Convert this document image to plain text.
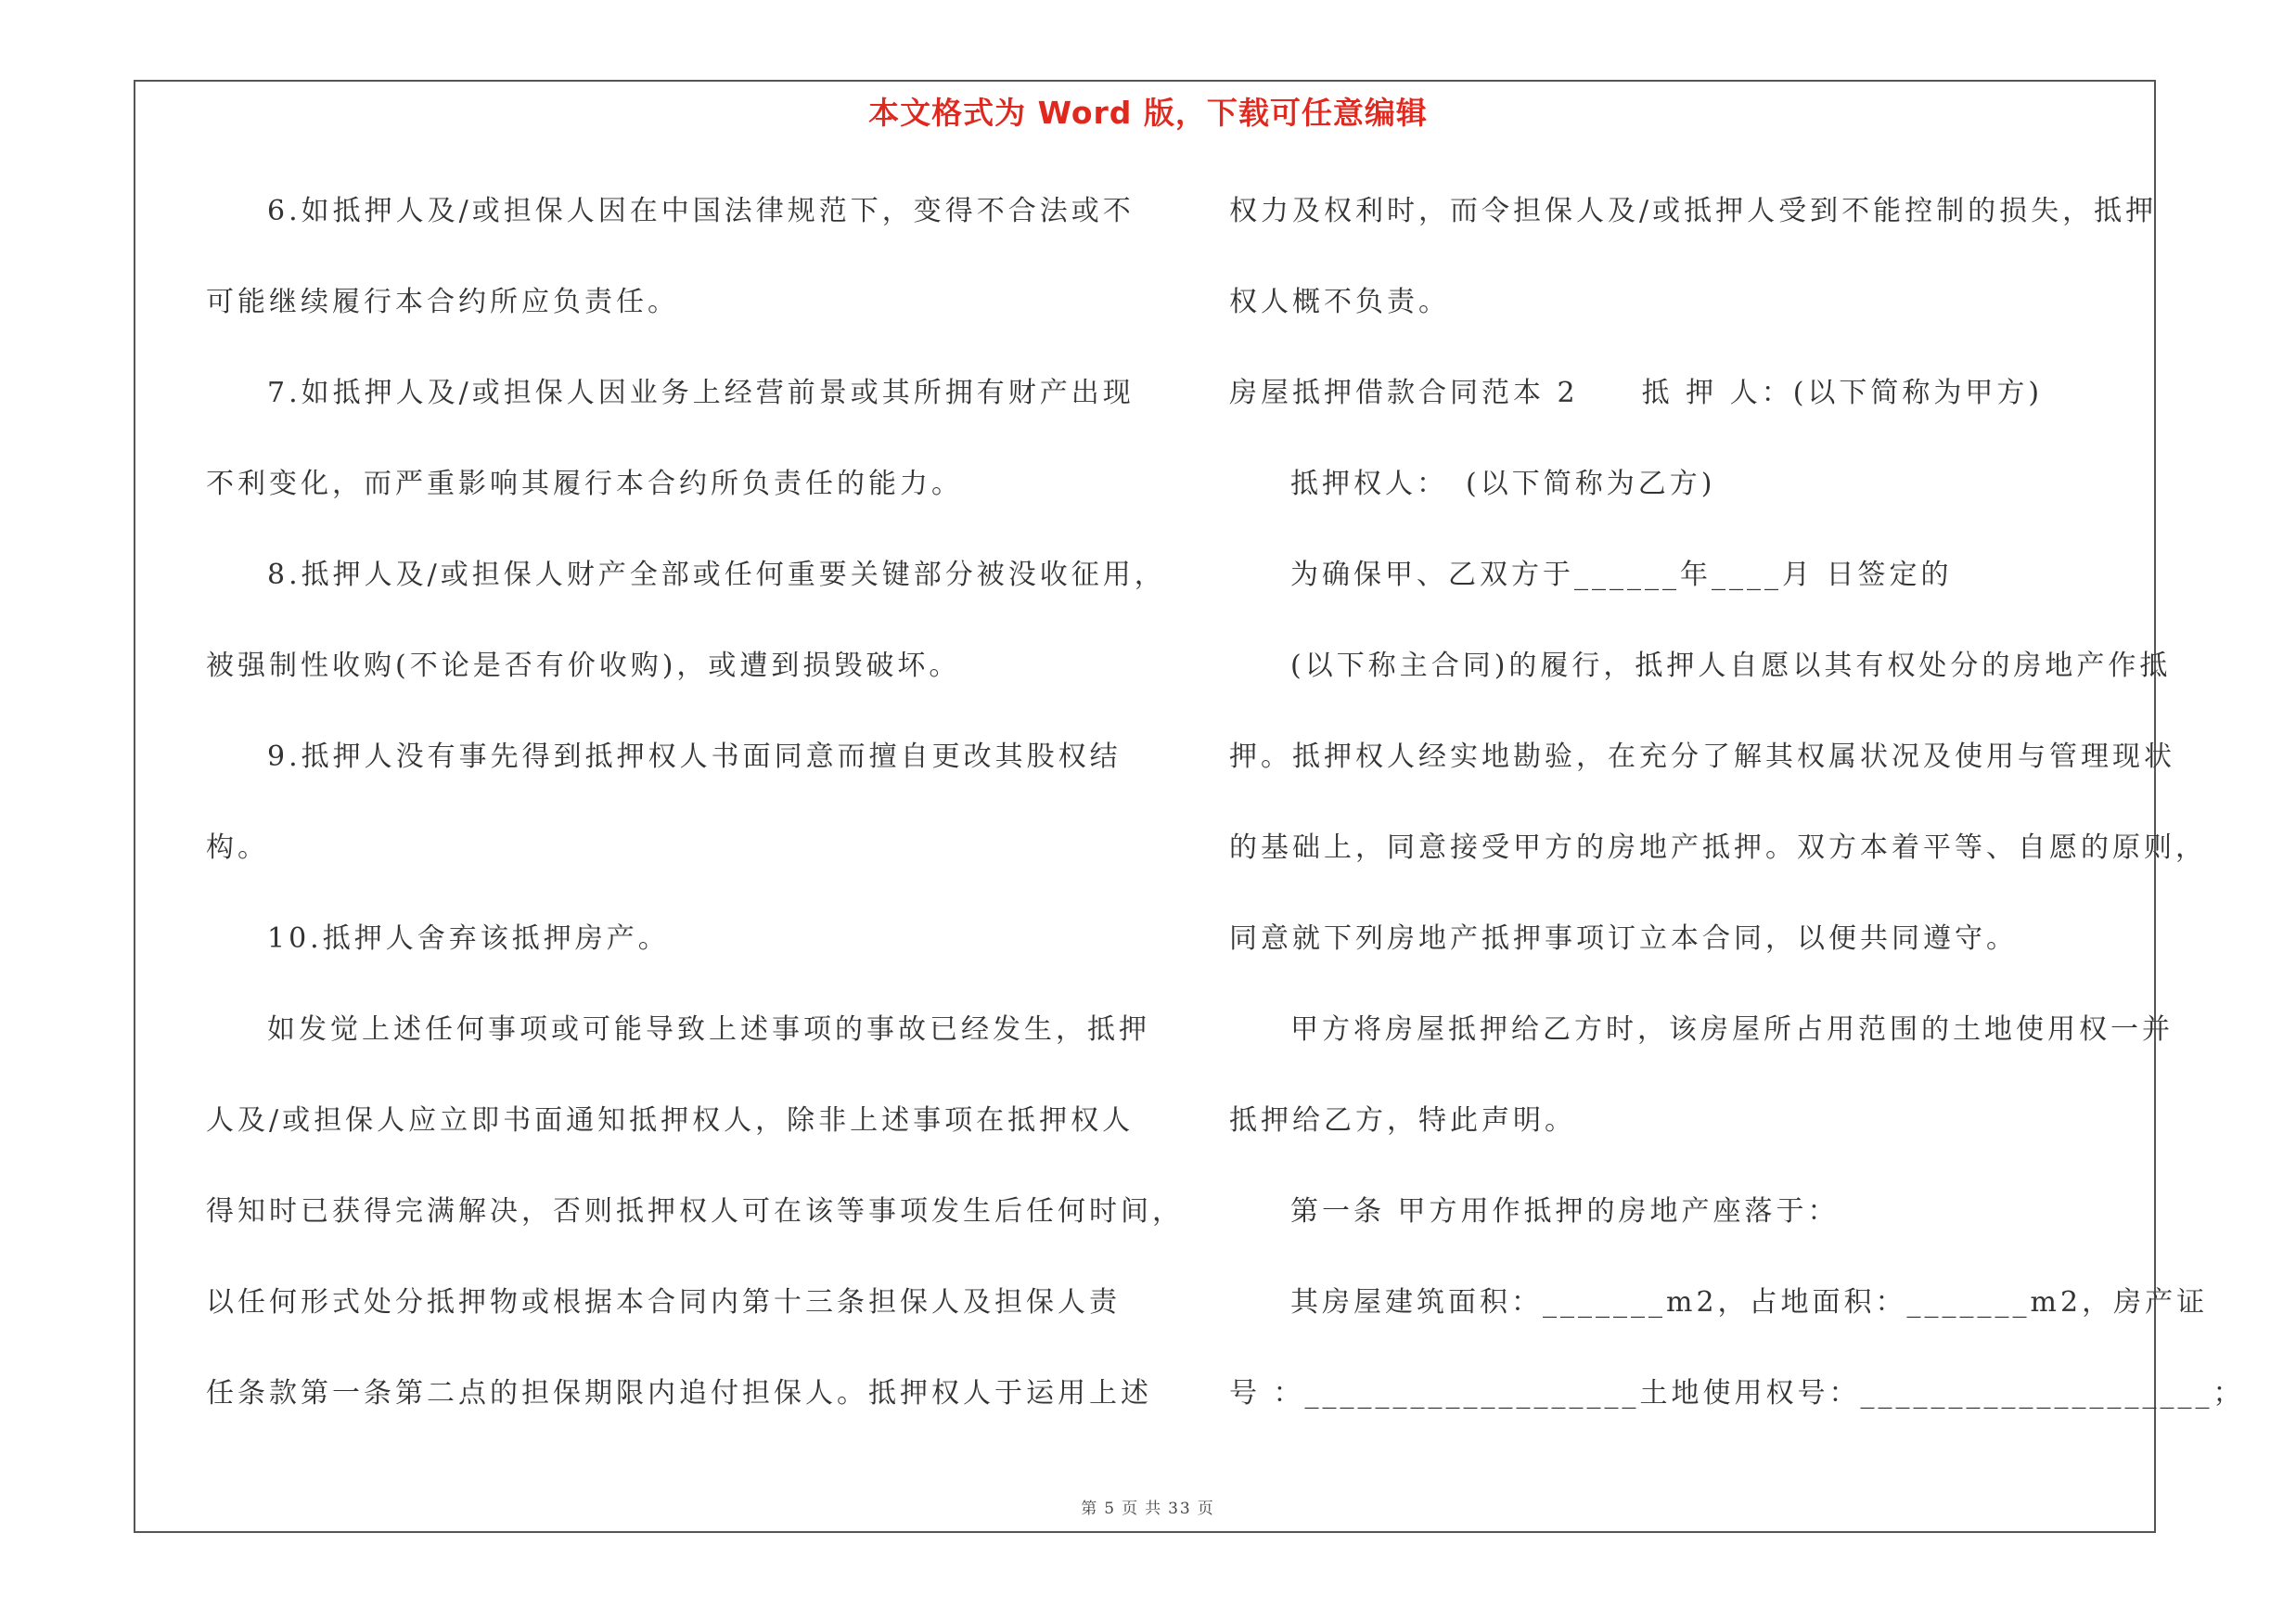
本文格式为 Word 版，下载可任意编辑
6.如抵押人及/或担保人因在中国法律规范下，变得不合法或不
可能继续履行本合约所应负责任。
7.如抵押人及/或担保人因业务上经营前景或其所拥有财产出现
不利变化，而严重影响其履行本合约所负责任的能力。
8.抵押人及/或担保人财产全部或任何重要关键部分被没收征用，
被强制性收购(不论是否有价收购)，或遭到损毁破坏。
9.抵押人没有事先得到抵押权人书面同意而擅自更改其股权结
构。
10.抵押人舍弃该抵押房产。
如发觉上述任何事项或可能导致上述事项的事故已经发生，抵押
人及/或担保人应立即书面通知抵押权人，除非上述事项在抵押权人
得知时已获得完满解决，否则抵押权人可在该等事项发生后任何时间，
以任何形式处分抵押物或根据本合同内第十三条担保人及担保人责
任条款第一条第二点的担保期限内追付担保人。抵押权人于运用上述
权力及权利时，而令担保人及/或抵押人受到不能控制的损失，抵押
权人概不负责。
房屋抵押借款合同范本 2　　抵 押 人：(以下简称为甲方)
抵押权人：　(以下简称为乙方)
为确保甲、乙双方于______年____月 日签定的
(以下称主合同)的履行，抵押人自愿以其有权处分的房地产作抵
押。抵押权人经实地勘验，在充分了解其权属状况及使用与管理现状
的基础上，同意接受甲方的房地产抵押。双方本着平等、自愿的原则，
同意就下列房地产抵押事项订立本合同，以便共同遵守。
甲方将房屋抵押给乙方时，该房屋所占用范围的土地使用权一并
抵押给乙方，特此声明。
第一条 甲方用作抵押的房地产座落于：
其房屋建筑面积：_______m2，占地面积：_______m2，房产证
号 ：___________________土地使用权号：____________________；
第 5 页 共 33 页
